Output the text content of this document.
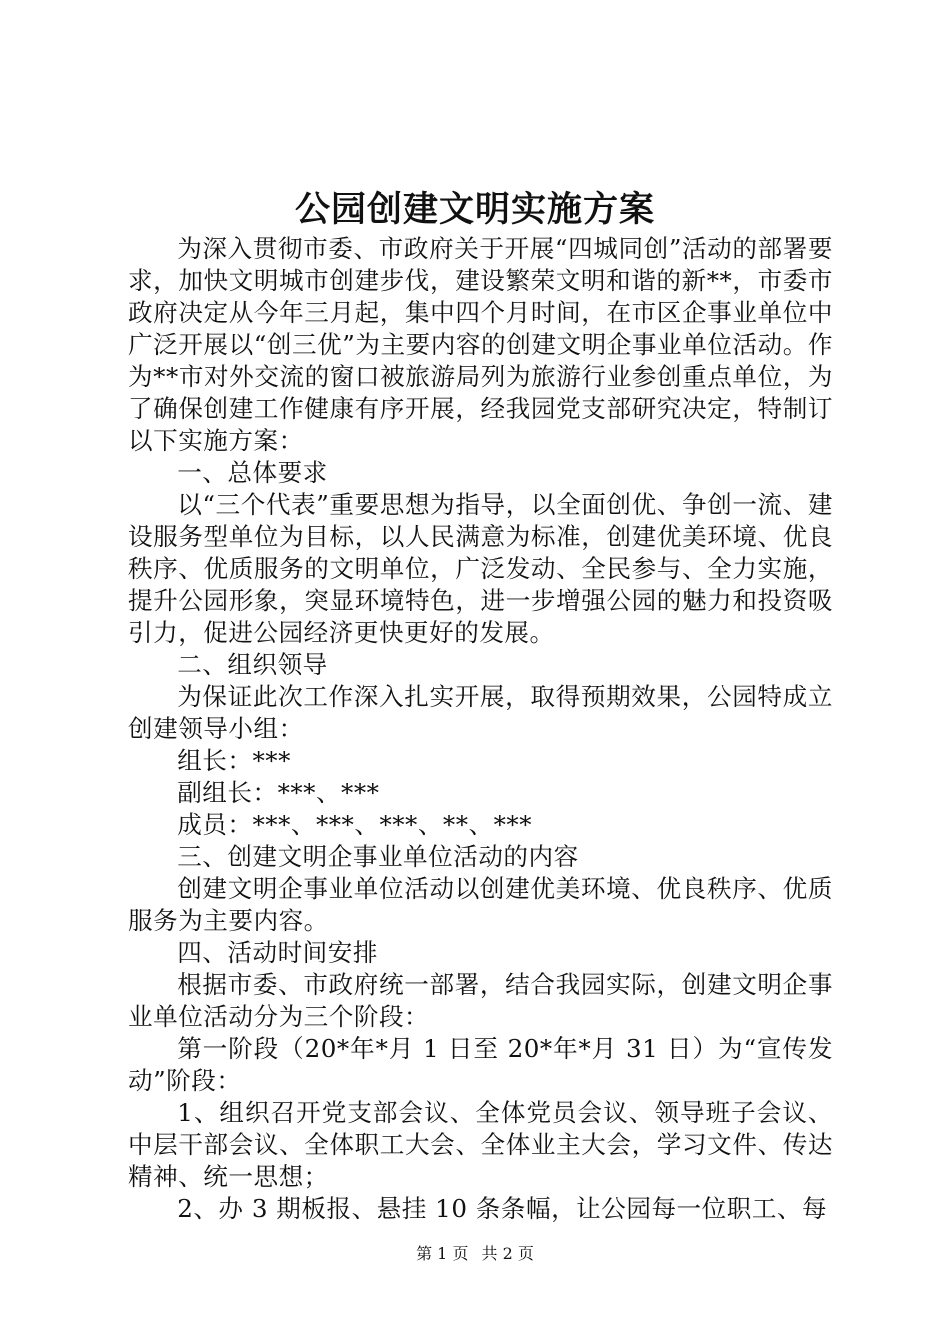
公园创建文明实施方案

为深入贯彻市委、市政府关于开展“四城同创”活动的部署要求，加快文明城市创建步伐，建设繁荣文明和谐的新**，市委市政府决定从今年三月起，集中四个月时间，在市区企事业单位中广泛开展以“创三优”为主要内容的创建文明企事业单位活动。作为**市对外交流的窗口被旅游局列为旅游行业参创重点单位，为了确保创建工作健康有序开展，经我园党支部研究决定，特制订以下实施方案：

一、总体要求

以“三个代表”重要思想为指导，以全面创优、争创一流、建设服务型单位为目标，以人民满意为标准，创建优美环境、优良秩序、优质服务的文明单位，广泛发动、全民参与、全力实施，提升公园形象，突显环境特色，进一步增强公园的魅力和投资吸引力，促进公园经济更快更好的发展。

二、组织领导

为保证此次工作深入扎实开展，取得预期效果，公园特成立创建领导小组：

组长：***

副组长：***、***

成员：***、***、***、**、***

三、创建文明企事业单位活动的内容

创建文明企事业单位活动以创建优美环境、优良秩序、优质服务为主要内容。

四、活动时间安排

根据市委、市政府统一部署，结合我园实际，创建文明企事业单位活动分为三个阶段：

第一阶段（20*年*月 1 日至 20*年*月 31 日）为“宣传发动”阶段：

1、组织召开党支部会议、全体党员会议、领导班子会议、中层干部会议、全体职工大会、全体业主大会，学习文件、传达精神、统一思想；

2、办 3 期板报、悬挂 10 条条幅，让公园每一位职工、每

第 1 页 共 2 页
